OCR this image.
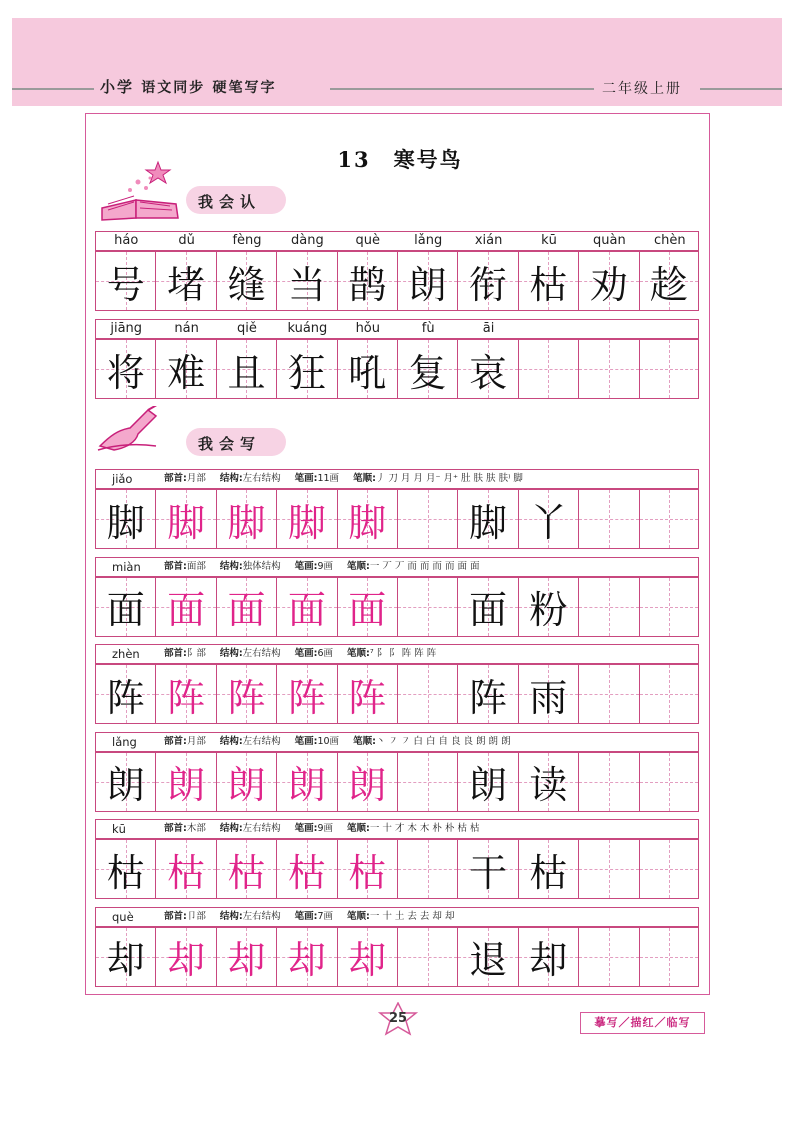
小学 语文同步 硬笔写字	二年级上册
13　寒号鸟
我会认
háo	dǔ	fèng	dàng	què	lǎng	xián	kū	quàn	chèn
号 堵 缝 当 鹊 朗 衔 枯 劝 趁
jiāng	nán	qiě	kuáng	hǒu	fù	āi
将 难 且 狂 吼 复 哀
我会写
jiǎo	部首:月部 结构:左右结构 笔画:11画 笔顺:丿 刀 月 月 月⁻ 月⁺ 肚 肤 肤 肤⁾ 脚
脚 脚 脚 脚 脚 脚 丫
miàn 部首:面部 结构:独体结构 笔画:9画 笔顺:一 丆 丆 而 而 而 而 面 面
面 面 面 面 面 面 粉
zhèn	部首:阝部 结构:左右结构 笔画:6画 笔顺:⁷ 阝 阝 阵 阵 阵
阵 阵 阵 阵 阵 阵 雨
lǎng	部首:月部 结构:左右结构 笔画:10画 笔顺:丶 ㇇ ㇇ 白 白 自 良 良 朗 朗 朗
朗 朗 朗 朗 朗 朗 读
kū	部首:木部 结构:左右结构 笔画:9画 笔顺:一 十 才 木 木 朴 朴 枯 枯
枯 枯 枯 枯 枯 干 枯
què	部首:卩部 结构:左右结构 笔画:7画 笔顺:一 十 土 去 去 却 却
却 却 却 却 却 退 却
25	摹写／描红／临写
